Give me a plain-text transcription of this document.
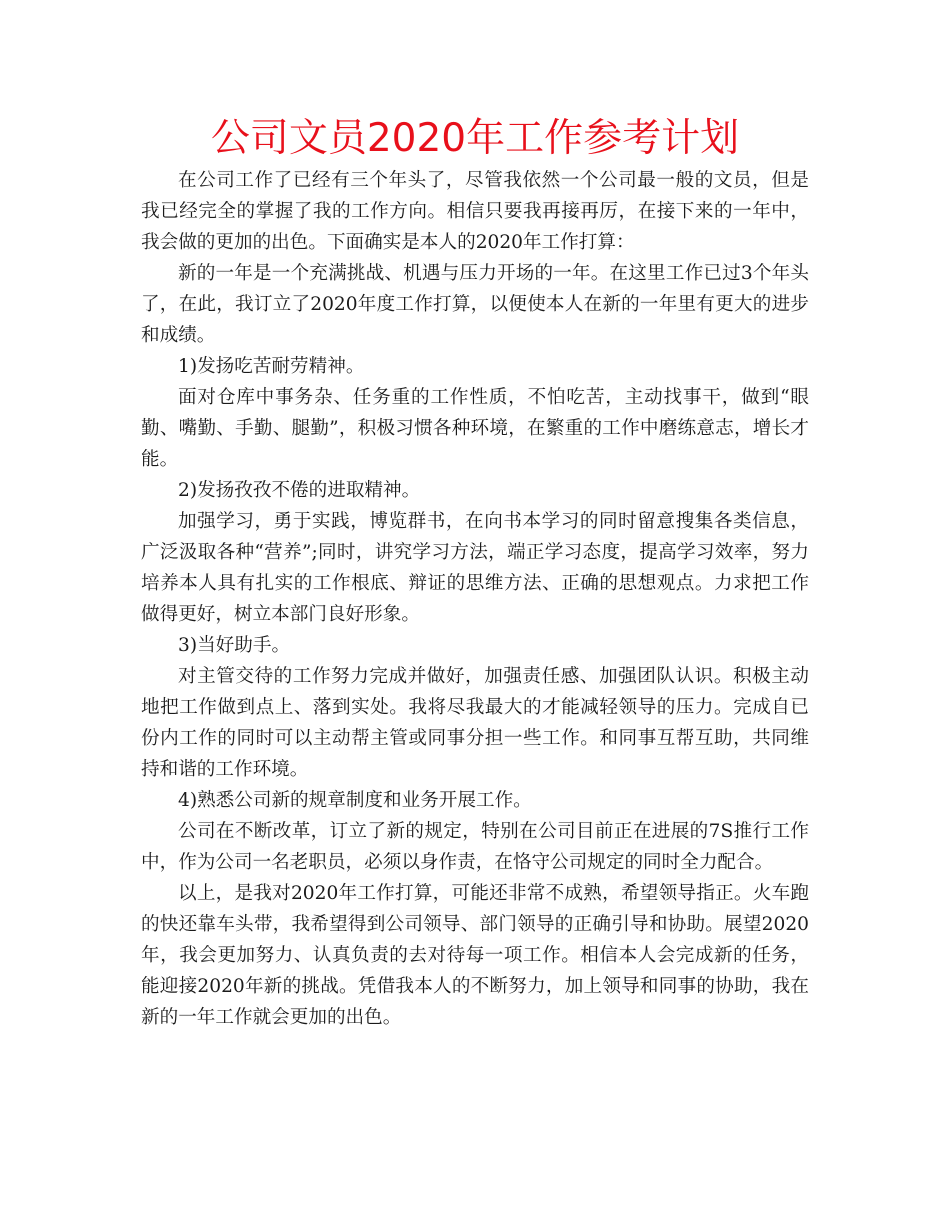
公司文员2020年工作参考计划

在公司工作了已经有三个年头了，尽管我依然一个公司最一般的文员，但是我已经完全的掌握了我的工作方向。相信只要我再接再厉，在接下来的一年中，我会做的更加的出色。下面确实是本人的2020年工作打算：

新的一年是一个充满挑战、机遇与压力开场的一年。在这里工作已过3个年头了，在此，我订立了2020年度工作打算，以便使本人在新的一年里有更大的进步和成绩。

1)发扬吃苦耐劳精神。

面对仓库中事务杂、任务重的工作性质，不怕吃苦，主动找事干，做到“眼勤、嘴勤、手勤、腿勤”，积极习惯各种环境，在繁重的工作中磨练意志，增长才能。

2)发扬孜孜不倦的进取精神。

加强学习，勇于实践，博览群书，在向书本学习的同时留意搜集各类信息，广泛汲取各种“营养”;同时，讲究学习方法，端正学习态度，提高学习效率，努力培养本人具有扎实的工作根底、辩证的思维方法、正确的思想观点。力求把工作做得更好，树立本部门良好形象。

3)当好助手。

对主管交待的工作努力完成并做好，加强责任感、加强团队认识。积极主动地把工作做到点上、落到实处。我将尽我最大的才能减轻领导的压力。完成自已份内工作的同时可以主动帮主管或同事分担一些工作。和同事互帮互助，共同维持和谐的工作环境。

4)熟悉公司新的规章制度和业务开展工作。

公司在不断改革，订立了新的规定，特别在公司目前正在进展的7S推行工作中，作为公司一名老职员，必须以身作责，在恪守公司规定的同时全力配合。

以上，是我对2020年工作打算，可能还非常不成熟，希望领导指正。火车跑的快还靠车头带，我希望得到公司领导、部门领导的正确引导和协助。展望2020年，我会更加努力、认真负责的去对待每一项工作。相信本人会完成新的任务，能迎接2020年新的挑战。凭借我本人的不断努力，加上领导和同事的协助，我在新的一年工作就会更加的出色。
